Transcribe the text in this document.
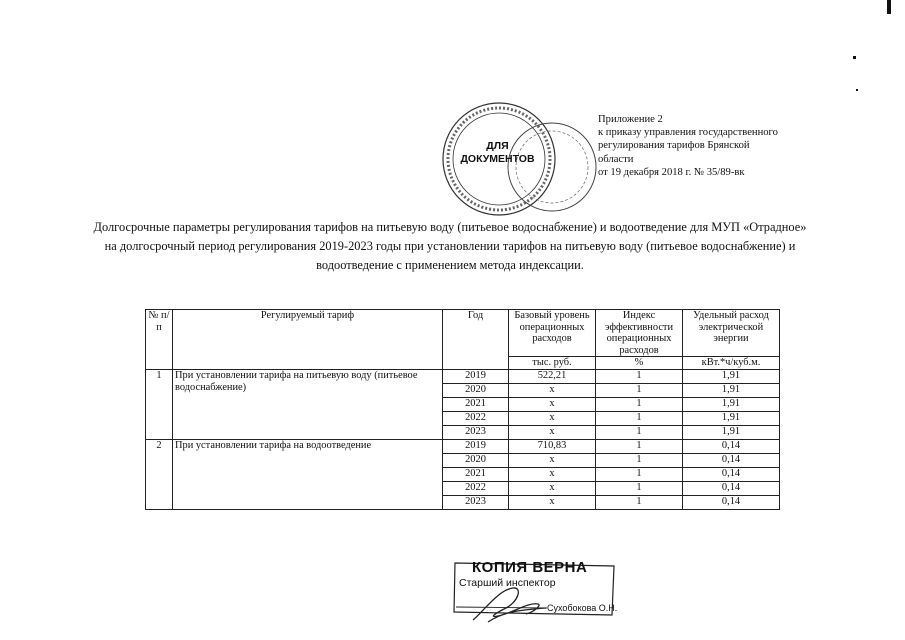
Приложение 2
к приказу управления государственного
регулирования тарифов Брянской
области
от 19 декабря 2018 г. № 35/89-вк
ДЛЯ
ДОКУМЕНТОВ
Долгосрочные параметры регулирования тарифов на питьевую воду (питьевое водоснабжение) и водоотведение для МУП «Отрадное» на долгосрочный период регулирования 2019-2023 годы при установлении тарифов на питьевую воду (питьевое водоснабжение) и водоотведение с применением метода индексации.
№ п/п	Регулируемый тариф	Год	Базовый уровень операционных расходов	Индекс эффективности операционных расходов	Удельный расход электрической энергии
			тыс. руб.	%	кВт.*ч/куб.м.
1	При установлении тарифа на питьевую воду (питьевое водоснабжение)	2019	522,21	1	1,91
		2020	x	1	1,91
		2021	x	1	1,91
		2022	x	1	1,91
		2023	x	1	1,91
2	При установлении тарифа на водоотведение	2019	710,83	1	0,14
		2020	x	1	0,14
		2021	x	1	0,14
		2022	x	1	0,14
		2023	x	1	0,14
КОПИЯ ВЕРНА
Старший инспектор
Сухобокова О.Н.
